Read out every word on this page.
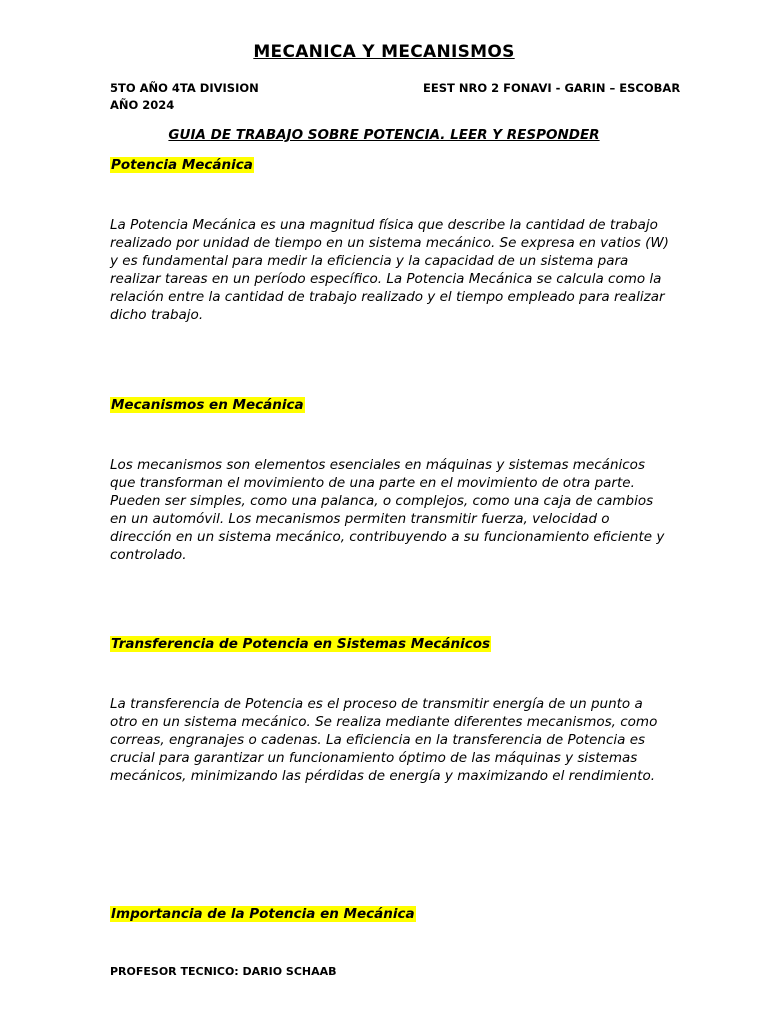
MECANICA Y MECANISMOS
5TO AÑO 4TA DIVISION
AÑO 2024
EEST NRO 2 FONAVI - GARIN – ESCOBAR
GUIA DE TRABAJO SOBRE POTENCIA. LEER Y RESPONDER
Potencia Mecánica
La Potencia Mecánica es una magnitud física que describe la cantidad de trabajo realizado por unidad de tiempo en un sistema mecánico. Se expresa en vatios (W) y es fundamental para medir la eficiencia y la capacidad de un sistema para realizar tareas en un período específico. La Potencia Mecánica se calcula como la relación entre la cantidad de trabajo realizado y el tiempo empleado para realizar dicho trabajo.
Mecanismos en Mecánica
Los mecanismos son elementos esenciales en máquinas y sistemas mecánicos que transforman el movimiento de una parte en el movimiento de otra parte. Pueden ser simples, como una palanca, o complejos, como una caja de cambios en un automóvil. Los mecanismos permiten transmitir fuerza, velocidad o dirección en un sistema mecánico, contribuyendo a su funcionamiento eficiente y controlado.
Transferencia de Potencia en Sistemas Mecánicos
La transferencia de Potencia es el proceso de transmitir energía de un punto a otro en un sistema mecánico. Se realiza mediante diferentes mecanismos, como correas, engranajes o cadenas. La eficiencia en la transferencia de Potencia es crucial para garantizar un funcionamiento óptimo de las máquinas y sistemas mecánicos, minimizando las pérdidas de energía y maximizando el rendimiento.
Importancia de la Potencia en Mecánica
PROFESOR TECNICO: DARIO SCHAAB
